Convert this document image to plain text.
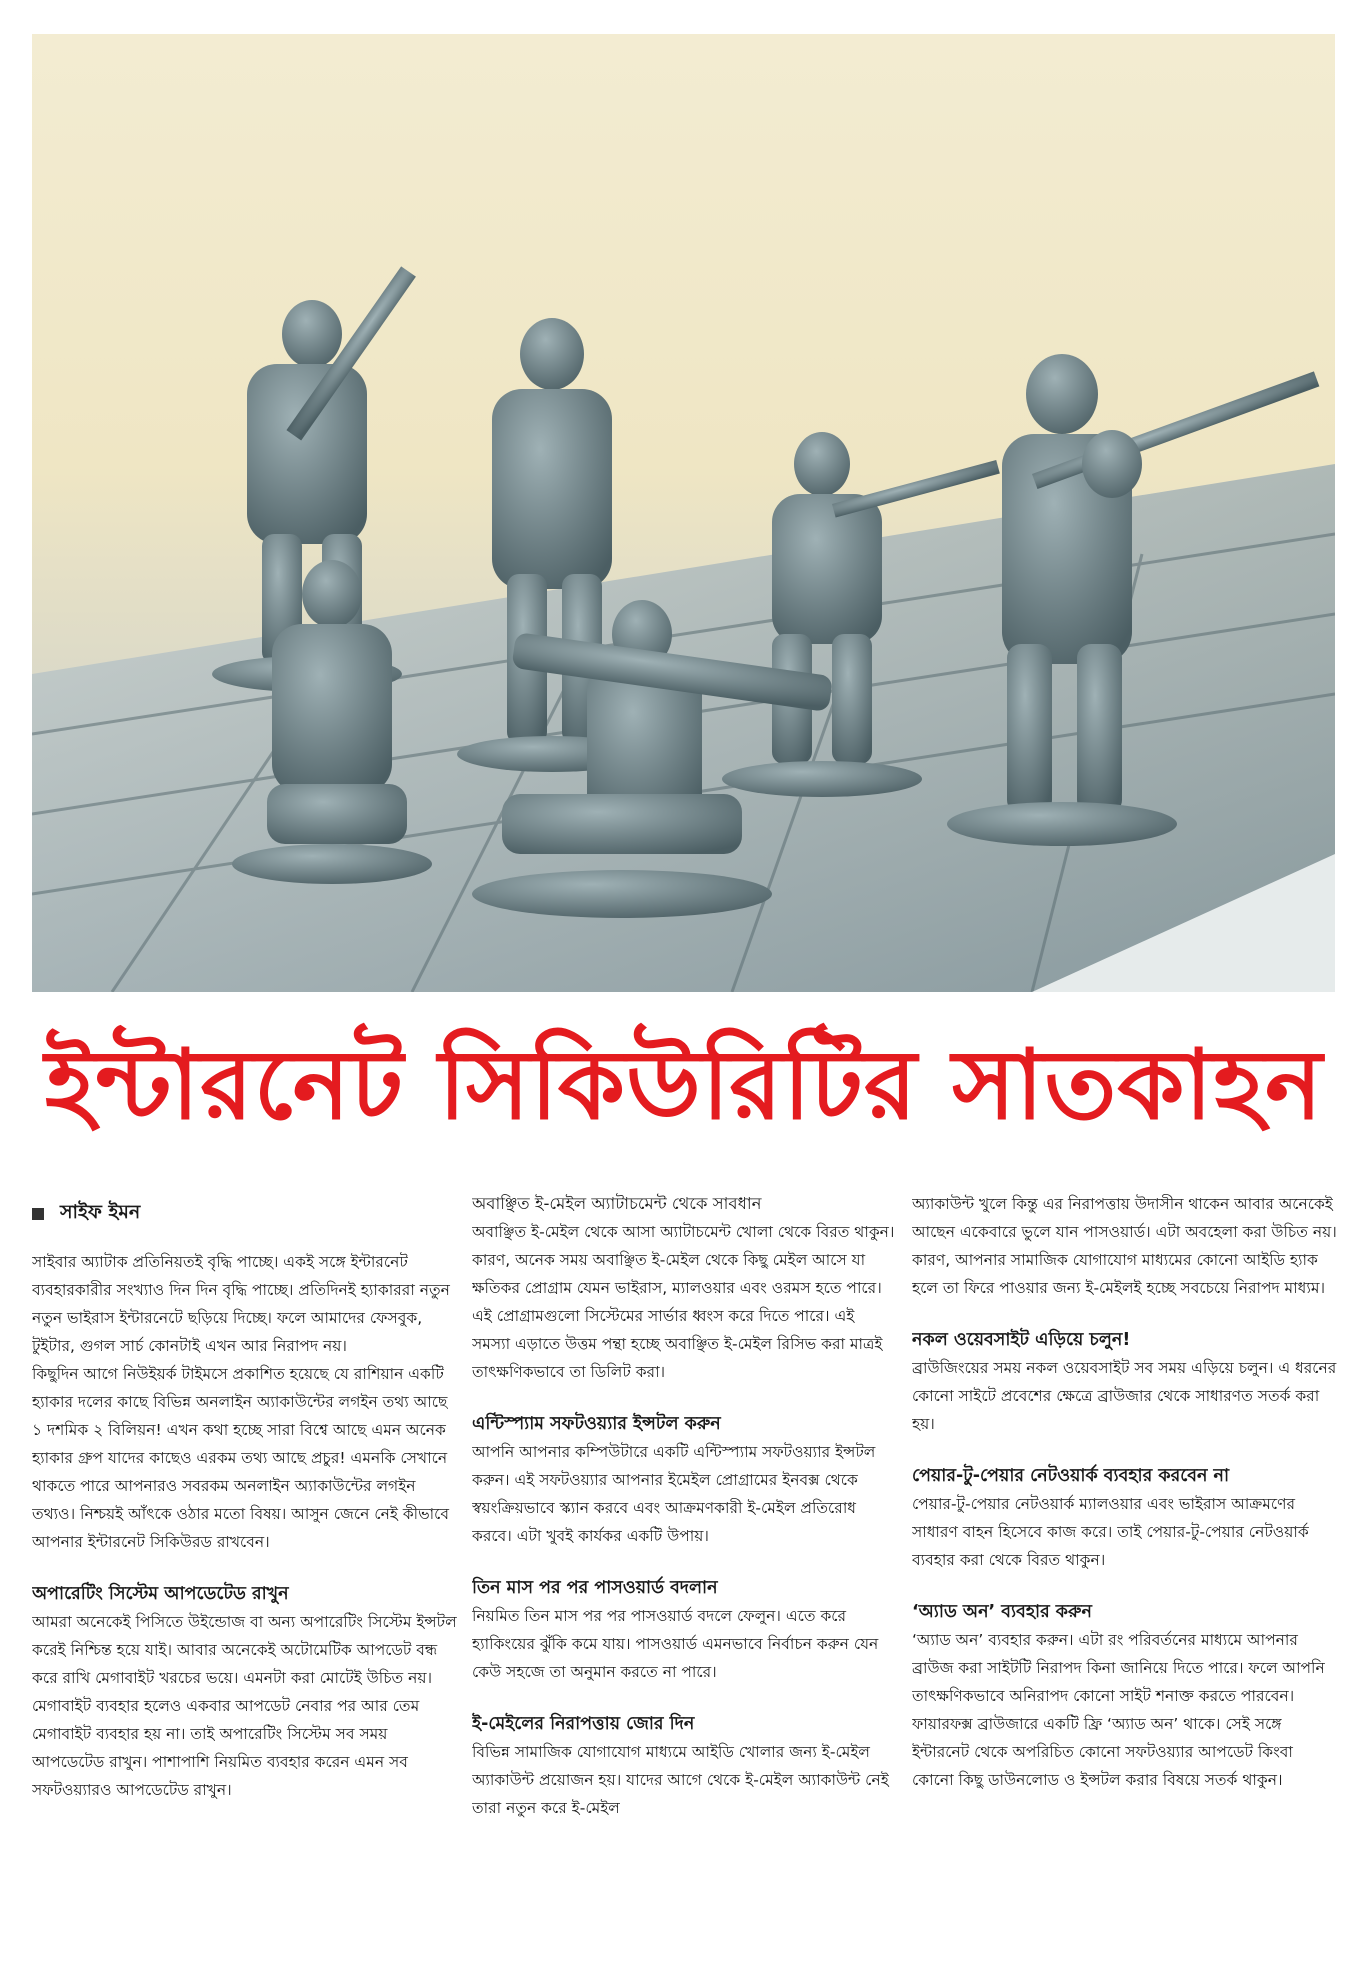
ইন্টারনেট সিকিউরিটির সাতকাহন
সাইফ ইমন

সাইবার অ্যাটাক প্রতিনিয়তই বৃদ্ধি পাচ্ছে। একই সঙ্গে ইন্টারনেট ব্যবহারকারীর সংখ্যাও দিন দিন বৃদ্ধি পাচ্ছে। প্রতিদিনই হ্যাকাররা নতুন নতুন ভাইরাস ইন্টারনেটে ছড়িয়ে দিচ্ছে। ফলে আমাদের ফেসবুক, টুইটার, গুগল সার্চ কোনটাই এখন আর নিরাপদ নয়।

কিছুদিন আগে নিউইয়র্ক টাইমসে প্রকাশিত হয়েছে যে রাশিয়ান একটি হ্যাকার দলের কাছে বিভিন্ন অনলাইন অ্যাকাউন্টের লগইন তথ্য আছে ১ দশমিক ২ বিলিয়ন! এখন কথা হচ্ছে সারা বিশ্বে আছে এমন অনেক হ্যাকার গ্রুপ যাদের কাছেও এরকম তথ্য আছে প্রচুর! এমনকি সেখানে থাকতে পারে আপনারও সবরকম অনলাইন অ্যাকাউন্টের লগইন তথ্যও। নিশ্চয়ই আঁৎকে ওঠার মতো বিষয়। আসুন জেনে নেই কীভাবে আপনার ইন্টারনেট সিকিউরড রাখবেন।

অপারেটিং সিস্টেম আপডেটেড রাখুন

আমরা অনেকেই পিসিতে উইন্ডোজ বা অন্য অপারেটিং সিস্টেম ইন্সটল করেই নিশ্চিন্ত হয়ে যাই। আবার অনেকেই অটোমেটিক আপডেট বন্ধ করে রাখি মেগাবাইট খরচের ভয়ে। এমনটা করা মোটেই উচিত নয়। মেগাবাইট ব্যবহার হলেও একবার আপডেট নেবার পর আর তেম মেগাবাইট ব্যবহার হয় না। তাই অপারেটিং সিস্টেম সব সময় আপডেটেড রাখুন। পাশাপাশি নিয়মিত ব্যবহার করেন এমন সব সফটওয়্যারও আপডেটেড রাখুন।

অবাঞ্ছিত ই-মেইল অ্যাটাচমেন্ট থেকে সাবধান

অবাঞ্ছিত ই-মেইল থেকে আসা অ্যাটাচমেন্ট খোলা থেকে বিরত থাকুন। কারণ, অনেক সময় অবাঞ্ছিত ই-মেইল থেকে কিছু মেইল আসে যা ক্ষতিকর প্রোগ্রাম যেমন ভাইরাস, ম্যালওয়ার এবং ওরমস হতে পারে। এই প্রোগ্রামগুলো সিস্টেমের সার্ভার ধ্বংস করে দিতে পারে। এই সমস্যা এড়াতে উত্তম পন্থা হচ্ছে অবাঞ্ছিত ই-মেইল রিসিভ করা মাত্রই তাৎক্ষণিকভাবে তা ডিলিট করা।

এন্টিস্প্যাম সফটওয়্যার ইন্সটল করুন

আপনি আপনার কম্পিউটারে একটি এন্টিস্প্যাম সফটওয়্যার ইন্সটল করুন। এই সফটওয়্যার আপনার ইমেইল প্রোগ্রামের ইনবক্স থেকে স্বয়ংক্রিয়ভাবে স্ক্যান করবে এবং আক্রমণকারী ই-মেইল প্রতিরোধ করবে। এটা খুবই কার্যকর একটি উপায়।

তিন মাস পর পর পাসওয়ার্ড বদলান

নিয়মিত তিন মাস পর পর পাসওয়ার্ড বদলে ফেলুন। এতে করে হ্যাকিংয়ের ঝুঁকি কমে যায়। পাসওয়ার্ড এমনভাবে নির্বাচন করুন যেন কেউ সহজে তা অনুমান করতে না পারে।

ই-মেইলের নিরাপত্তায় জোর দিন

বিভিন্ন সামাজিক যোগাযোগ মাধ্যমে আইডি খোলার জন্য ই-মেইল অ্যাকাউন্ট প্রয়োজন হয়। যাদের আগে থেকে ই-মেইল অ্যাকাউন্ট নেই তারা নতুন করে ই-মেইল

অ্যাকাউন্ট খুলে কিন্তু এর নিরাপত্তায় উদাসীন থাকেন আবার অনেকেই আছেন একেবারে ভুলে যান পাসওয়ার্ড। এটা অবহেলা করা উচিত নয়। কারণ, আপনার সামাজিক যোগাযোগ মাধ্যমের কোনো আইডি হ্যাক হলে তা ফিরে পাওয়ার জন্য ই-মেইলই হচ্ছে সবচেয়ে নিরাপদ মাধ্যম।

নকল ওয়েবসাইট এড়িয়ে চলুন!

ব্রাউজিংয়ের সময় নকল ওয়েবসাইট সব সময় এড়িয়ে চলুন। এ ধরনের কোনো সাইটে প্রবেশের ক্ষেত্রে ব্রাউজার থেকে সাধারণত সতর্ক করা হয়।

পেয়ার-টু-পেয়ার নেটওয়ার্ক ব্যবহার করবেন না

পেয়ার-টু-পেয়ার নেটওয়ার্ক ম্যালওয়ার এবং ভাইরাস আক্রমণের সাধারণ বাহন হিসেবে কাজ করে। তাই পেয়ার-টু-পেয়ার নেটওয়ার্ক ব্যবহার করা থেকে বিরত থাকুন।

‘অ্যাড অন’ ব্যবহার করুন

‘অ্যাড অন’ ব্যবহার করুন। এটা রং পরিবর্তনের মাধ্যমে আপনার ব্রাউজ করা সাইটটি নিরাপদ কিনা জানিয়ে দিতে পারে। ফলে আপনি তাৎক্ষণিকভাবে অনিরাপদ কোনো সাইট শনাক্ত করতে পারবেন।

ফায়ারফক্স ব্রাউজারে একটি ফ্রি ‘অ্যাড অন’ থাকে। সেই সঙ্গে ইন্টারনেট থেকে অপরিচিত কোনো সফটওয়্যার আপডেট কিংবা কোনো কিছু ডাউনলোড ও ইন্সটল করার বিষয়ে সতর্ক থাকুন।
